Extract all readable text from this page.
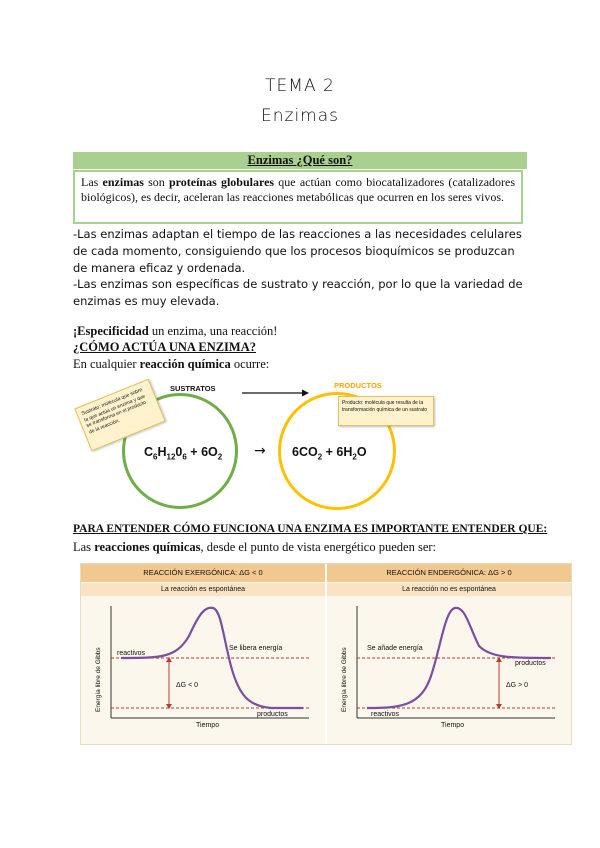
TEMA 2
Enzimas
Enzimas ¿Qué son?
Las enzimas son proteínas globulares que actúan como biocatalizadores (catalizadores biológicos), es decir, aceleran las reacciones metabólicas que ocurren en los seres vivos.
-Las enzimas adaptan el tiempo de las reacciones a las necesidades celulares de cada momento, consiguiendo que los procesos bioquímicos se produzcan de manera eficaz y ordenada.
-Las enzimas son específicas de sustrato y reacción, por lo que la variedad de enzimas es muy elevada.
¡Especificidad un enzima, una reacción!
¿CÓMO ACTÚA UNA ENZIMA?
En cualquier reacción química ocurre:
SUSTRATOS	PRODUCTOS
$C_6H_{12}0_6 + 6O_2 \to 6CO_2 + 6H_2O$
Sustrato: molécula que sobre la que actúa un enzima y que se transforma en el producto de la reacción.
Producto: molécula que resulta de la transformación química de un sustrato
PARA ENTENDER CÓMO FUNCIONA UNA ENZIMA ES IMPORTANTE ENTENDER QUE:
Las reacciones químicas, desde el punto de vista energético pueden ser:
REACCIÓN EXERGÓNICA: ΔG < 0
La reacción es espontánea
REACCIÓN ENDERGÓNICA: ΔG > 0
La reacción no es espontánea
Energía libre de Gibbs reactivos
Se libera energía
ΔG < 0
productos
Tiempo
Energía libre de Gibbs	Se añade energía
productos
ΔG > 0
reactivos
Tiempo
